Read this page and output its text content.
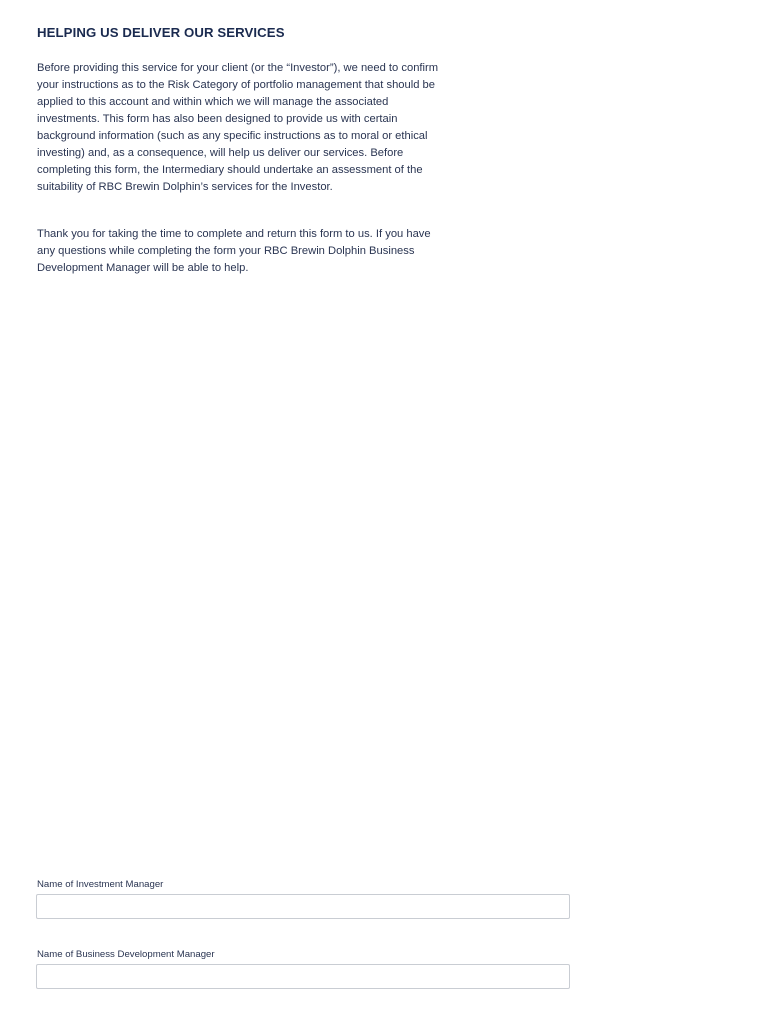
HELPING US DELIVER OUR SERVICES

Before providing this service for your client (or the “Investor”), we need to confirm your instructions as to the Risk Category of portfolio management that should be applied to this account and within which we will manage the associated investments. This form has also been designed to provide us with certain background information (such as any specific instructions as to moral or ethical investing) and, as a consequence, will help us deliver our services. Before completing this form, the Intermediary should undertake an assessment of the suitability of RBC Brewin Dolphin’s services for the Investor.

Thank you for taking the time to complete and return this form to us. If you have any questions while completing the form your RBC Brewin Dolphin Business Development Manager will be able to help.

Name of Investment Manager
Name of Business Development Manager
